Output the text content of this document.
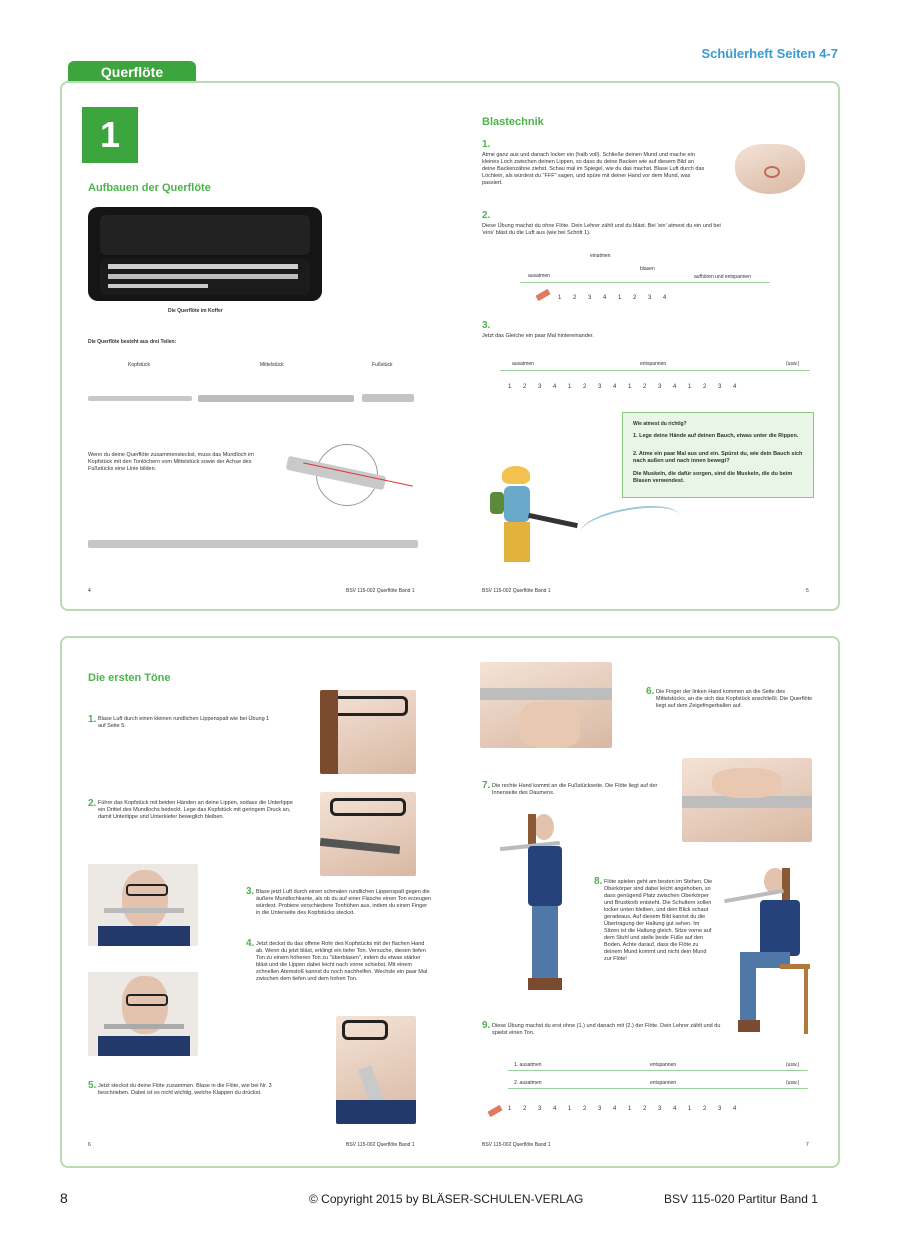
Querflöte
Schülerheft Seiten 4-7
1
Aufbauen der Querflöte
Die Querflöte im Koffer
Die Querflöte besteht aus drei Teilen:
Kopfstück	Mittelstück	Fußstück
Wenn du deine Querflöte zusammensteckst, muss das Mundloch im Kopfstück mit den Tonlöchern vom Mittelstück sowie der Achse des Fußstücks eine Linie bilden.
4	BSV 115-002 Querflöte Band 1
Blastechnik
1.
Atme ganz aus und danach locker ein (halb voll). Schließe deinen Mund und mache ein kleines Loch zwischen deinen Lippen, so dass du deine Backen wie auf diesem Bild an deine Backenzähne ziehst. Schau mal im Spiegel, wie du das machst. Blase Luft durch das Löchlein, als würdest du "FFF" sagen, und spüre mit deiner Hand vor dem Mund, was passiert.
2.
Diese Übung machst du ohne Flöte. Dein Lehrer zählt und du bläst. Bei 'ein' atmest du ein und bei 'eins' bläst du die Luft aus (wie bei Schritt 1).
einatmen
ausatmen
blasen
aufhören und entspannen
1 2 3 4 1 2 3 4
3.
Jetzt das Gleiche ein paar Mal hintereinander.
ausatmen	entspannen	(usw.)
1 2 3 4 1 2 3 4 1 2 3 4 1 2 3 4
Wie atmest du richtig?
1. Lege deine Hände auf deinen Bauch, etwas unter die Rippen.
2. Atme ein paar Mal aus und ein. Spürst du, wie dein Bauch sich nach außen und nach innen bewegt?
Die Muskeln, die dafür sorgen, sind die Muskeln, die du beim Blasen verwendest.
BSV 115-002 Querflöte Band 1	5
Die ersten Töne
1. Blase Luft durch einen kleinen rundlichen Lippenspalt wie bei Übung 1 auf Seite 5.
2. Führe das Kopfstück mit beiden Händen an deine Lippen, sodass die Unterlippe ein Drittel des Mundlochs bedeckt. Lege das Kopfstück mit geringem Druck an, damit Unterlippe und Unterkiefer beweglich bleiben.
3. Blase jetzt Luft durch einen schmalen rundlichen Lippenspalt gegen die äußere Mundlochkante, als ob du auf einer Flasche einen Ton erzeugen würdest. Probiere verschiedene Tonhöhen aus, indem du einen Finger in die Unterseite des Kopfstücks steckst.
4. Jetzt deckst du das offene Rohr des Kopfstücks mit der flachen Hand ab. Wenn du jetzt bläst, erklingt ein tiefer Ton. Versuche, diesen tiefen Ton zu einem höheren Ton zu "überblasen", indem du etwas stärker bläst und die Lippen dabei leicht nach vorne schiebst. Mit einem schnellen Atemstoß kannst du noch nachhelfen. Wechsle ein paar Mal zwischen dem tiefen und dem hohen Ton.
5. Jetzt steckst du deine Flöte zusammen. Blase in die Flöte, wie bei Nr. 3 beschrieben. Dabei ist es nicht wichtig, welche Klappen du drückst.
6	BSV 115-002 Querflöte Band 1
6. Die Finger der linken Hand kommen an die Seite des Mittelstücks, an die sich das Kopfstück anschließt. Die Querflöte liegt auf dem Zeigefingerballen auf.
7. Die rechte Hand kommt an die Fußstückseite. Die Flöte liegt auf der Innenseite des Daumens.
8. Flöte spielen geht am besten im Stehen. Die Oberkörper sind dabei leicht angehoben, so dass genügend Platz zwischen Oberkörper und Brustkorb entsteht. Die Schultern sollen locker unten bleiben, und dein Blick schaut geradeaus. Auf diesem Bild kannst du die Übertragung der Haltung gut sehen. Im Sitzen ist die Haltung gleich. Sitze vorne auf dem Stuhl und stelle beide Füße auf den Boden. Achte darauf, dass die Flöte zu deinem Mund kommt und nicht dein Mund zur Flöte!
9. Diese Übung machst du erst ohne (1.) und danach mit (2.) der Flöte. Dein Lehrer zählt und du spielst einen Ton.
1. ausatmen	entspannen	(usw.)
2. ausatmen	entspannen	(usw.)
1 2 3 4 1 2 3 4 1 2 3 4 1 2 3 4
BSV 115-002 Querflöte Band 1	7
8	© Copyright 2015 by BLÄSER-SCHULEN-VERLAG	BSV 115-020 Partitur Band 1
